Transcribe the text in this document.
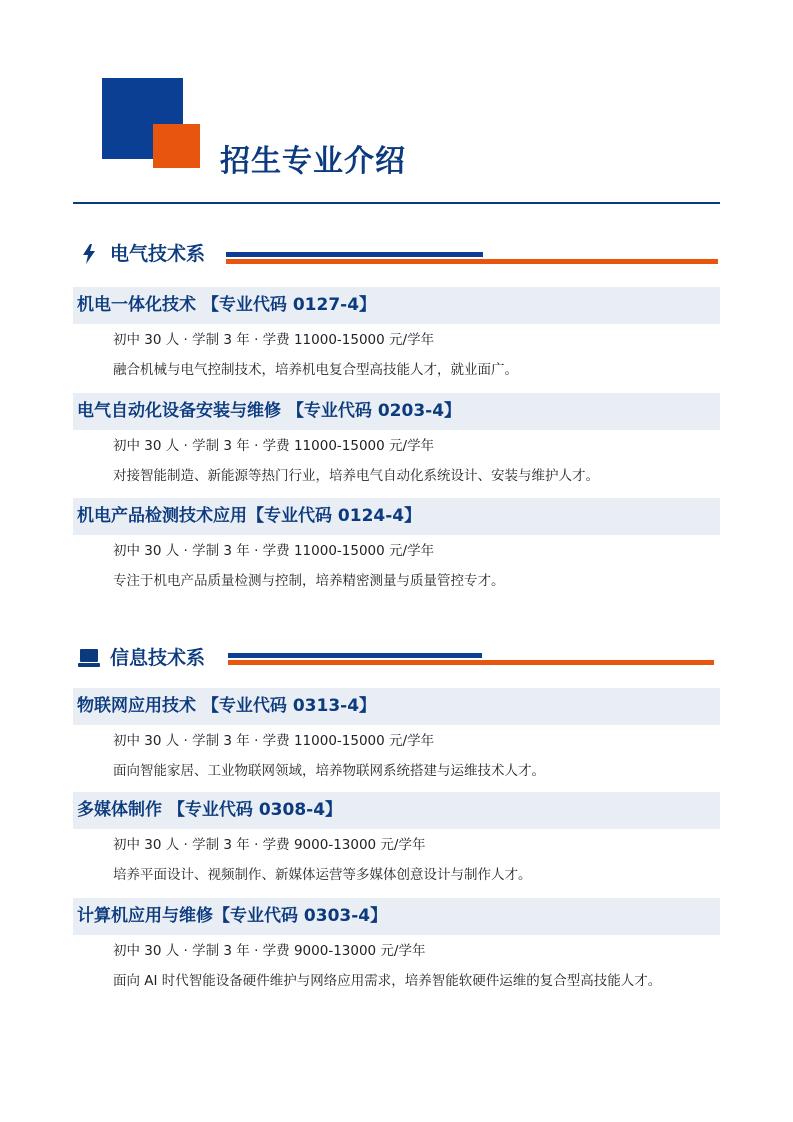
招生专业介绍
电气技术系
机电一体化技术 【专业代码 0127-4】
初中 30 人 · 学制 3 年 · 学费 11000-15000 元/学年
融合机械与电气控制技术，培养机电复合型高技能人才，就业面广。
电气自动化设备安装与维修 【专业代码 0203-4】
初中 30 人 · 学制 3 年 · 学费 11000-15000 元/学年
对接智能制造、新能源等热门行业，培养电气自动化系统设计、安装与维护人才。
机电产品检测技术应用【专业代码 0124-4】
初中 30 人 · 学制 3 年 · 学费 11000-15000 元/学年
专注于机电产品质量检测与控制，培养精密测量与质量管控专才。
信息技术系
物联网应用技术 【专业代码 0313-4】
初中 30 人 · 学制 3 年 · 学费 11000-15000 元/学年
面向智能家居、工业物联网领域，培养物联网系统搭建与运维技术人才。
多媒体制作 【专业代码 0308-4】
初中 30 人 · 学制 3 年 · 学费 9000-13000 元/学年
培养平面设计、视频制作、新媒体运营等多媒体创意设计与制作人才。
计算机应用与维修【专业代码 0303-4】
初中 30 人 · 学制 3 年 · 学费 9000-13000 元/学年
面向 AI 时代智能设备硬件维护与网络应用需求，培养智能软硬件运维的复合型高技能人才。
